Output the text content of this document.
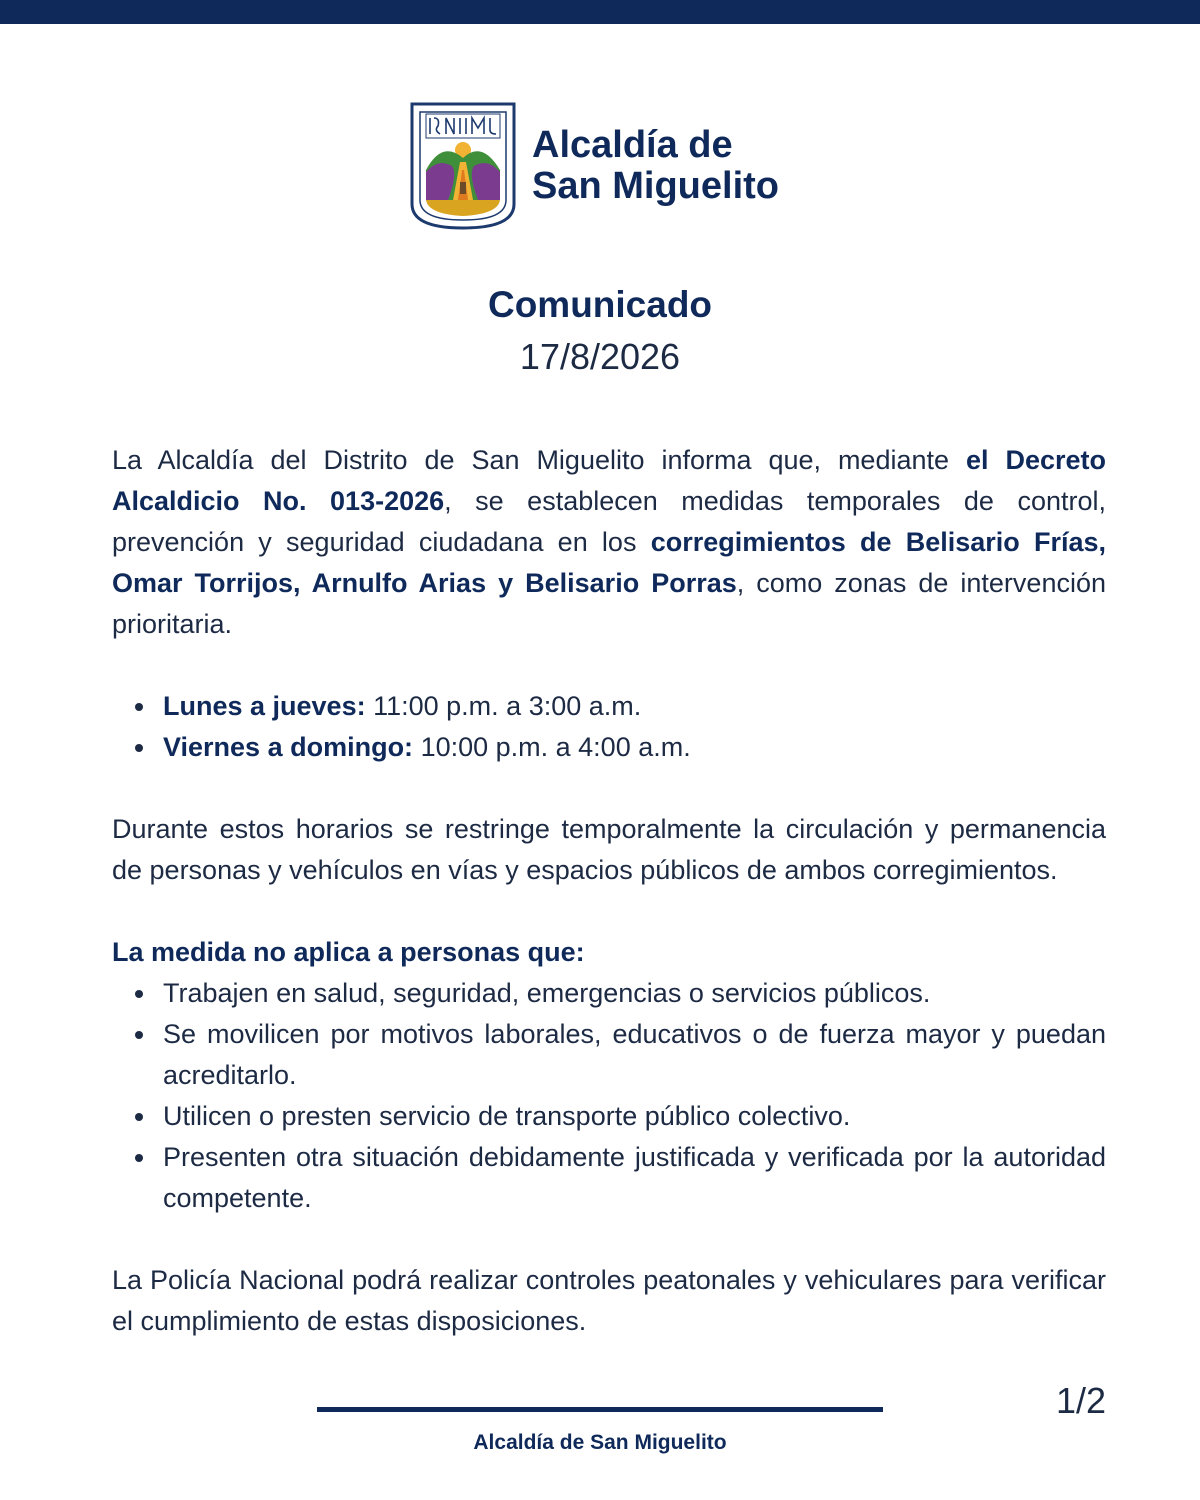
Alcaldía de
San Miguelito
Comunicado
17/8/2026

La Alcaldía del Distrito de San Miguelito informa que, mediante el Decreto Alcaldicio No. 013-2026, se establecen medidas temporales de control, prevención y seguridad ciudadana en los corregimientos de Belisario Frías, Omar Torrijos, Arnulfo Arias y Belisario Porras, como zonas de intervención prioritaria.

Lunes a jueves: 11:00 p.m. a 3:00 a.m.
Viernes a domingo: 10:00 p.m. a 4:00 a.m.

Durante estos horarios se restringe temporalmente la circulación y permanencia de personas y vehículos en vías y espacios públicos de ambos corregimientos.

La medida no aplica a personas que:

Trabajen en salud, seguridad, emergencias o servicios públicos.
Se movilicen por motivos laborales, educativos o de fuerza mayor y puedan acreditarlo.
Utilicen o presten servicio de transporte público colectivo.
Presenten otra situación debidamente justificada y verificada por la autoridad competente.

La Policía Nacional podrá realizar controles peatonales y vehiculares para verificar el cumplimiento de estas disposiciones.

1/2
Alcaldía de San Miguelito
